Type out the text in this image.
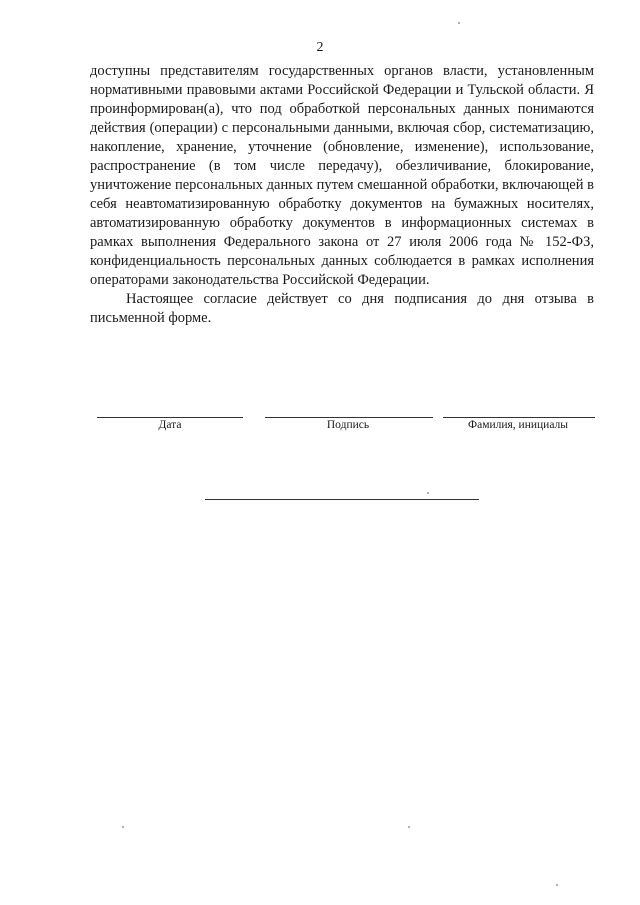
2

доступны представителям государственных органов власти, установленным нормативными правовыми актами Российской Федерации и Тульской области. Я проинформирован(а), что под обработкой персональных данных понимаются действия (операции) с персональными данными, включая сбор, систематизацию, накопление, хранение, уточнение (обновление, изменение), использование, распространение (в том числе передачу), обезличивание, блокирование, уничтожение персональных данных путем смешанной обработки, включающей в себя неавтоматизированную обработку документов на бумажных носителях, автоматизированную обработку документов в информационных системах в рамках выполнения Федерального закона от 27 июля 2006 года № 152-ФЗ, конфиденциальность персональных данных соблюдается в рамках исполнения операторами законодательства Российской Федерации.

Настоящее согласие действует со дня подписания до дня отзыва в письменной форме.

Дата	Подпись	Фамилия, инициалы
